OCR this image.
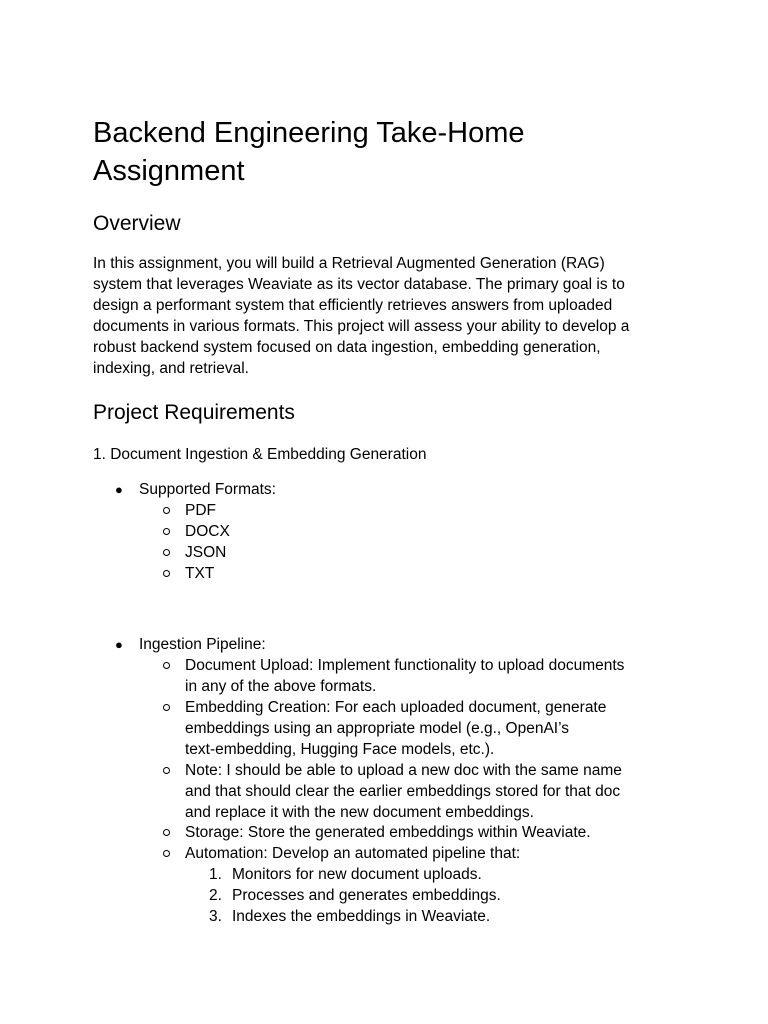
Backend Engineering Take-Home
Assignment
Overview

In this assignment, you will build a Retrieval Augmented Generation (RAG)
system that leverages Weaviate as its vector database. The primary goal is to
design a performant system that efficiently retrieves answers from uploaded
documents in various formats. This project will assess your ability to develop a
robust backend system focused on data ingestion, embedding generation,
indexing, and retrieval.

Project Requirements
1. Document Ingestion & Embedding Generation
● Supported Formats:
PDF
DOCX
JSON
TXT
● Ingestion Pipeline:
Document Upload: Implement functionality to upload documents
in any of the above formats.
Embedding Creation: For each uploaded document, generate
embeddings using an appropriate model (e.g., OpenAI’s
text-embedding, Hugging Face models, etc.).
Note: I should be able to upload a new doc with the same name
and that should clear the earlier embeddings stored for that doc
and replace it with the new document embeddings.
Storage: Store the generated embeddings within Weaviate.
Automation: Develop an automated pipeline that:
1. Monitors for new document uploads.
2. Processes and generates embeddings.
3. Indexes the embeddings in Weaviate.
